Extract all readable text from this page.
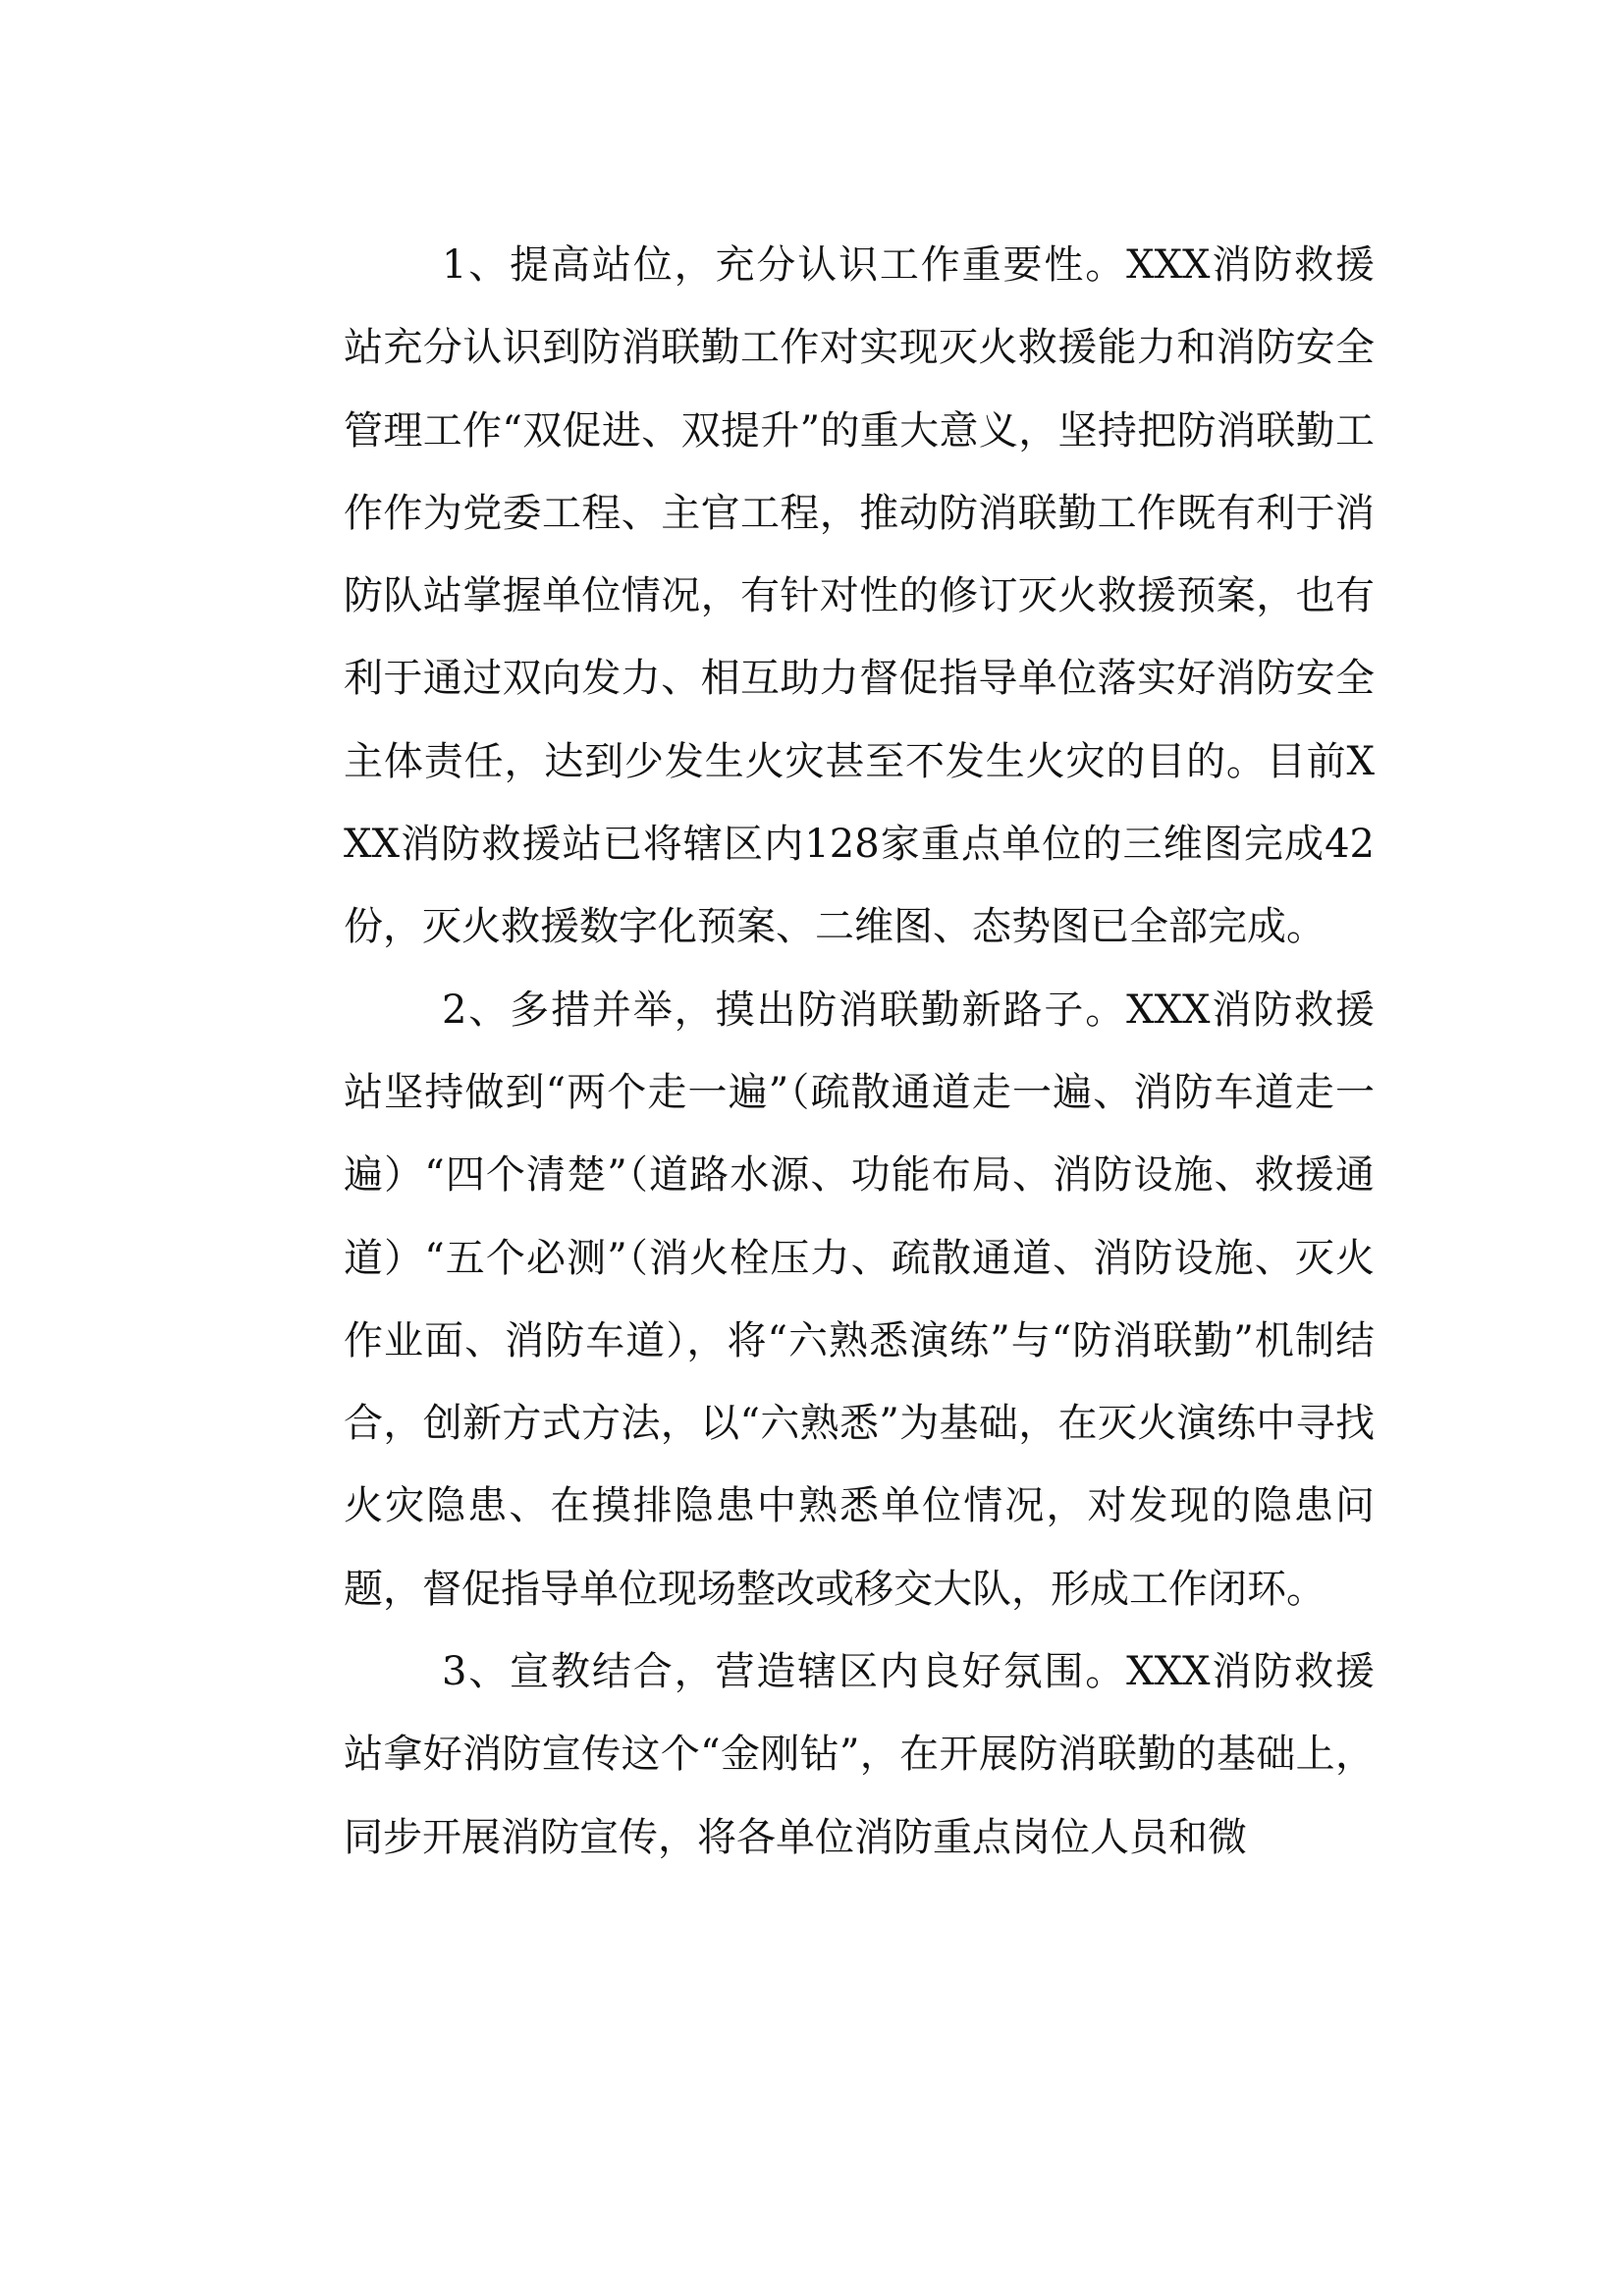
1、提高站位，充分认识工作重要性。XXX消防救援站充分认识到防消联勤工作对实现灭火救援能力和消防安全管理工作“双促进、双提升”的重大意义，坚持把防消联勤工作作为党委工程、主官工程，推动防消联勤工作既有利于消防队站掌握单位情况，有针对性的修订灭火救援预案，也有利于通过双向发力、相互助力督促指导单位落实好消防安全主体责任，达到少发生火灾甚至不发生火灾的目的。目前XXX消防救援站已将辖区内128家重点单位的三维图完成42份，灭火救援数字化预案、二维图、态势图已全部完成。

2、多措并举，摸出防消联勤新路子。XXX消防救援站坚持做到“两个走一遍”（疏散通道走一遍、消防车道走一遍）“四个清楚”（道路水源、功能布局、消防设施、救援通道）“五个必测”（消火栓压力、疏散通道、消防设施、灭火作业面、消防车道），将“六熟悉演练”与“防消联勤”机制结合，创新方式方法，以“六熟悉”为基础，在灭火演练中寻找火灾隐患、在摸排隐患中熟悉单位情况，对发现的隐患问题，督促指导单位现场整改或移交大队，形成工作闭环。

3、宣教结合，营造辖区内良好氛围。XXX消防救援站拿好消防宣传这个“金刚钻”，在开展防消联勤的基础上，同步开展消防宣传，将各单位消防重点岗位人员和微
